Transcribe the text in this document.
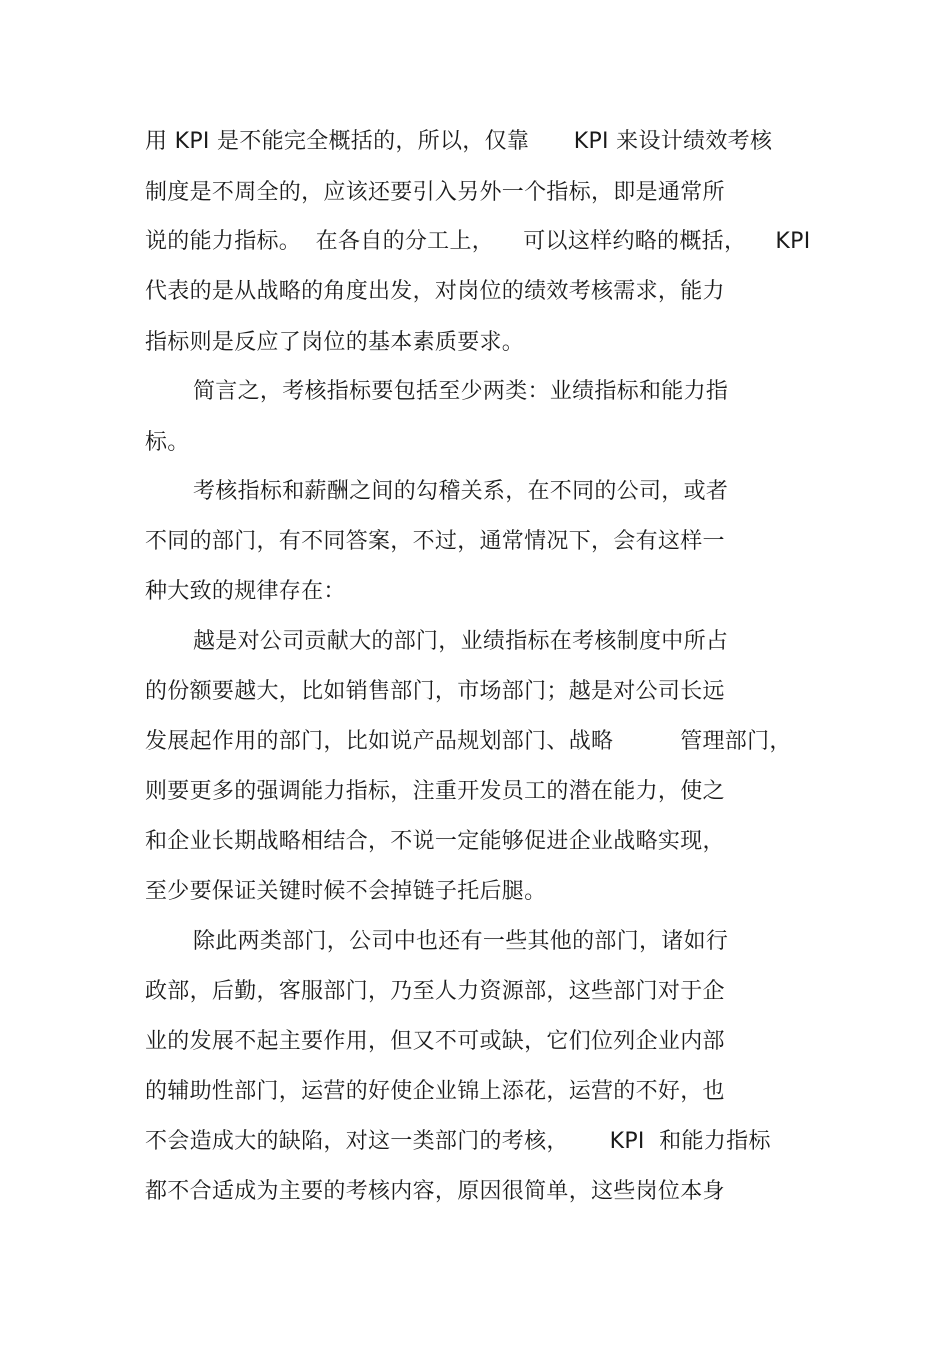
用 KPI 是不能完全概括的，所以，仅靠　　KPI 来设计绩效考核
制度是不周全的，应该还要引入另外一个指标，即是通常所
说的能力指标。  在各自的分工上，    可以这样约略的概括，    KPI
代表的是从战略的角度出发，对岗位的绩效考核需求，能力
指标则是反应了岗位的基本素质要求。
简言之，考核指标要包括至少两类：业绩指标和能力指
标。
考核指标和薪酬之间的勾稽关系，在不同的公司，或者
不同的部门，有不同答案，不过，通常情况下，会有这样一
种大致的规律存在：
越是对公司贡献大的部门，业绩指标在考核制度中所占
的份额要越大，比如销售部门，市场部门；越是对公司长远
发展起作用的部门，比如说产品规划部门、战略　　　管理部门，
则要更多的强调能力指标，注重开发员工的潜在能力，使之
和企业长期战略相结合，不说一定能够促进企业战略实现，
至少要保证关键时候不会掉链子托后腿。
除此两类部门，公司中也还有一些其他的部门，诸如行
政部，后勤，客服部门，乃至人力资源部，这些部门对于企
业的发展不起主要作用，但又不可或缺，它们位列企业内部
的辅助性部门，运营的好使企业锦上添花，运营的不好，也
不会造成大的缺陷，对这一类部门的考核，　　 KPI  和能力指标
都不合适成为主要的考核内容，原因很简单，这些岗位本身
